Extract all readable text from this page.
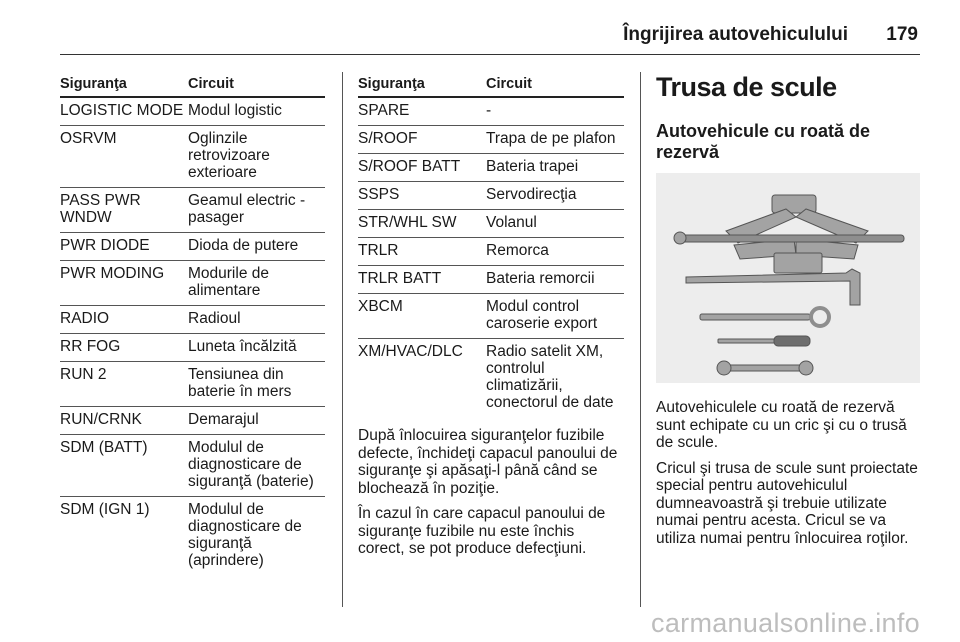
Îngrijirea autovehiculului 179
Siguranţa	Circuit
LOGISTIC MODE	Modul logistic
OSRVM	Oglinzile retrovizoare exterioare
PASS PWR WNDW	Geamul electric - pasager
PWR DIODE	Dioda de putere
PWR MODING	Modurile de alimentare
RADIO	Radioul
RR FOG	Luneta încălzită
RUN 2	Tensiunea din baterie în mers
RUN/CRNK	Demarajul
SDM (BATT)	Modulul de diagnosticare de siguranţă (baterie)
SDM (IGN 1)	Modulul de diagnosticare de siguranţă (aprindere)
Siguranţa	Circuit
SPARE	-
S/ROOF	Trapa de pe plafon
S/ROOF BATT	Bateria trapei
SSPS	Servodirecţia
STR/WHL SW	Volanul
TRLR	Remorca
TRLR BATT	Bateria remorcii
XBCM	Modul control caroserie export
XM/HVAC/DLC	Radio satelit XM, controlul climatizării, conectorul de date

După înlocuirea siguranţelor fuzibile defecte, închideţi capacul panoului de siguranţe şi apăsaţi-l până când se blochează în poziţie.

În cazul în care capacul panoului de siguranţe fuzibile nu este închis corect, se pot produce defecţiuni.

Trusa de scule
Autovehicule cu roată de rezervă

Autovehiculele cu roată de rezervă sunt echipate cu un cric şi cu o trusă de scule.

Cricul şi trusa de scule sunt proiectate special pentru autovehiculul dumneavoastră şi trebuie utilizate numai pentru acesta. Cricul se va utiliza numai pentru înlocuirea roţilor.

carmanualsonline.info
